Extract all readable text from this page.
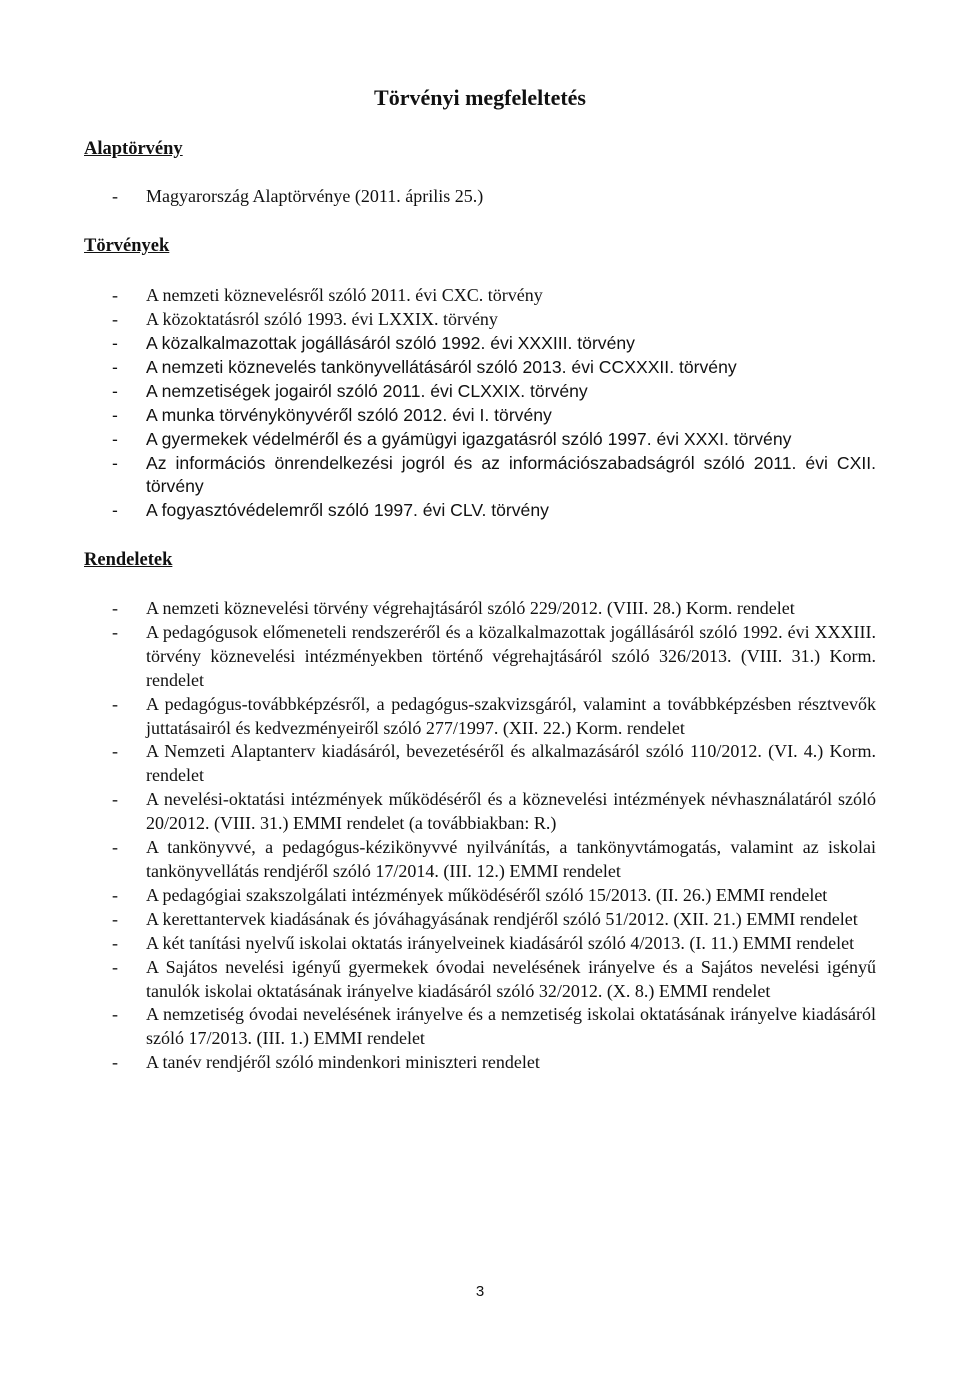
Törvényi megfeleltetés
Alaptörvény
- Magyarország Alaptörvénye (2011. április 25.)
Törvények
- A nemzeti köznevelésről szóló 2011. évi CXC. törvény
- A közoktatásról szóló 1993. évi LXXIX. törvény
- A közalkalmazottak jogállásáról szóló 1992. évi XXXIII. törvény
- A nemzeti köznevelés tankönyvellátásáról szóló 2013. évi CCXXXII. törvény
- A nemzetiségek jogairól szóló 2011. évi CLXXIX. törvény
- A munka törvénykönyvéről szóló 2012. évi I. törvény
- A gyermekek védelméről és a gyámügyi igazgatásról szóló 1997. évi XXXI. törvény
- Az információs önrendelkezési jogról és az információszabadságról szóló 2011. évi CXII. törvény
- A fogyasztóvédelemről szóló 1997. évi CLV. törvény
Rendeletek
- A nemzeti köznevelési törvény végrehajtásáról szóló 229/2012. (VIII. 28.) Korm. rendelet
- A pedagógusok előmeneteli rendszeréről és a közalkalmazottak jogállásáról szóló 1992. évi XXXIII. törvény köznevelési intézményekben történő végrehajtásáról szóló 326/2013. (VIII. 31.) Korm. rendelet
- A pedagógus-továbbképzésről, a pedagógus-szakvizsgáról, valamint a továbbképzésben résztvevők juttatásairól és kedvezményeiről szóló 277/1997. (XII. 22.) Korm. rendelet
- A Nemzeti Alaptanterv kiadásáról, bevezetéséről és alkalmazásáról szóló 110/2012. (VI. 4.) Korm. rendelet
- A nevelési-oktatási intézmények működéséről és a köznevelési intézmények névhasználatáról szóló 20/2012. (VIII. 31.) EMMI rendelet (a továbbiakban: R.)
- A tankönyvvé, a pedagógus-kézikönyvvé nyilvánítás, a tankönyvtámogatás, valamint az iskolai tankönyvellátás rendjéről szóló 17/2014. (III. 12.) EMMI rendelet
- A pedagógiai szakszolgálati intézmények működéséről szóló 15/2013. (II. 26.) EMMI rendelet
- A kerettantervek kiadásának és jóváhagyásának rendjéről szóló 51/2012. (XII. 21.) EMMI rendelet
- A két tanítási nyelvű iskolai oktatás irányelveinek kiadásáról szóló 4/2013. (I. 11.) EMMI rendelet
- A Sajátos nevelési igényű gyermekek óvodai nevelésének irányelve és a Sajátos nevelési igényű tanulók iskolai oktatásának irányelve kiadásáról szóló 32/2012. (X. 8.) EMMI rendelet
- A nemzetiség óvodai nevelésének irányelve és a nemzetiség iskolai oktatásának irányelve kiadásáról szóló 17/2013. (III. 1.) EMMI rendelet
- A tanév rendjéről szóló mindenkori miniszteri rendelet

3
